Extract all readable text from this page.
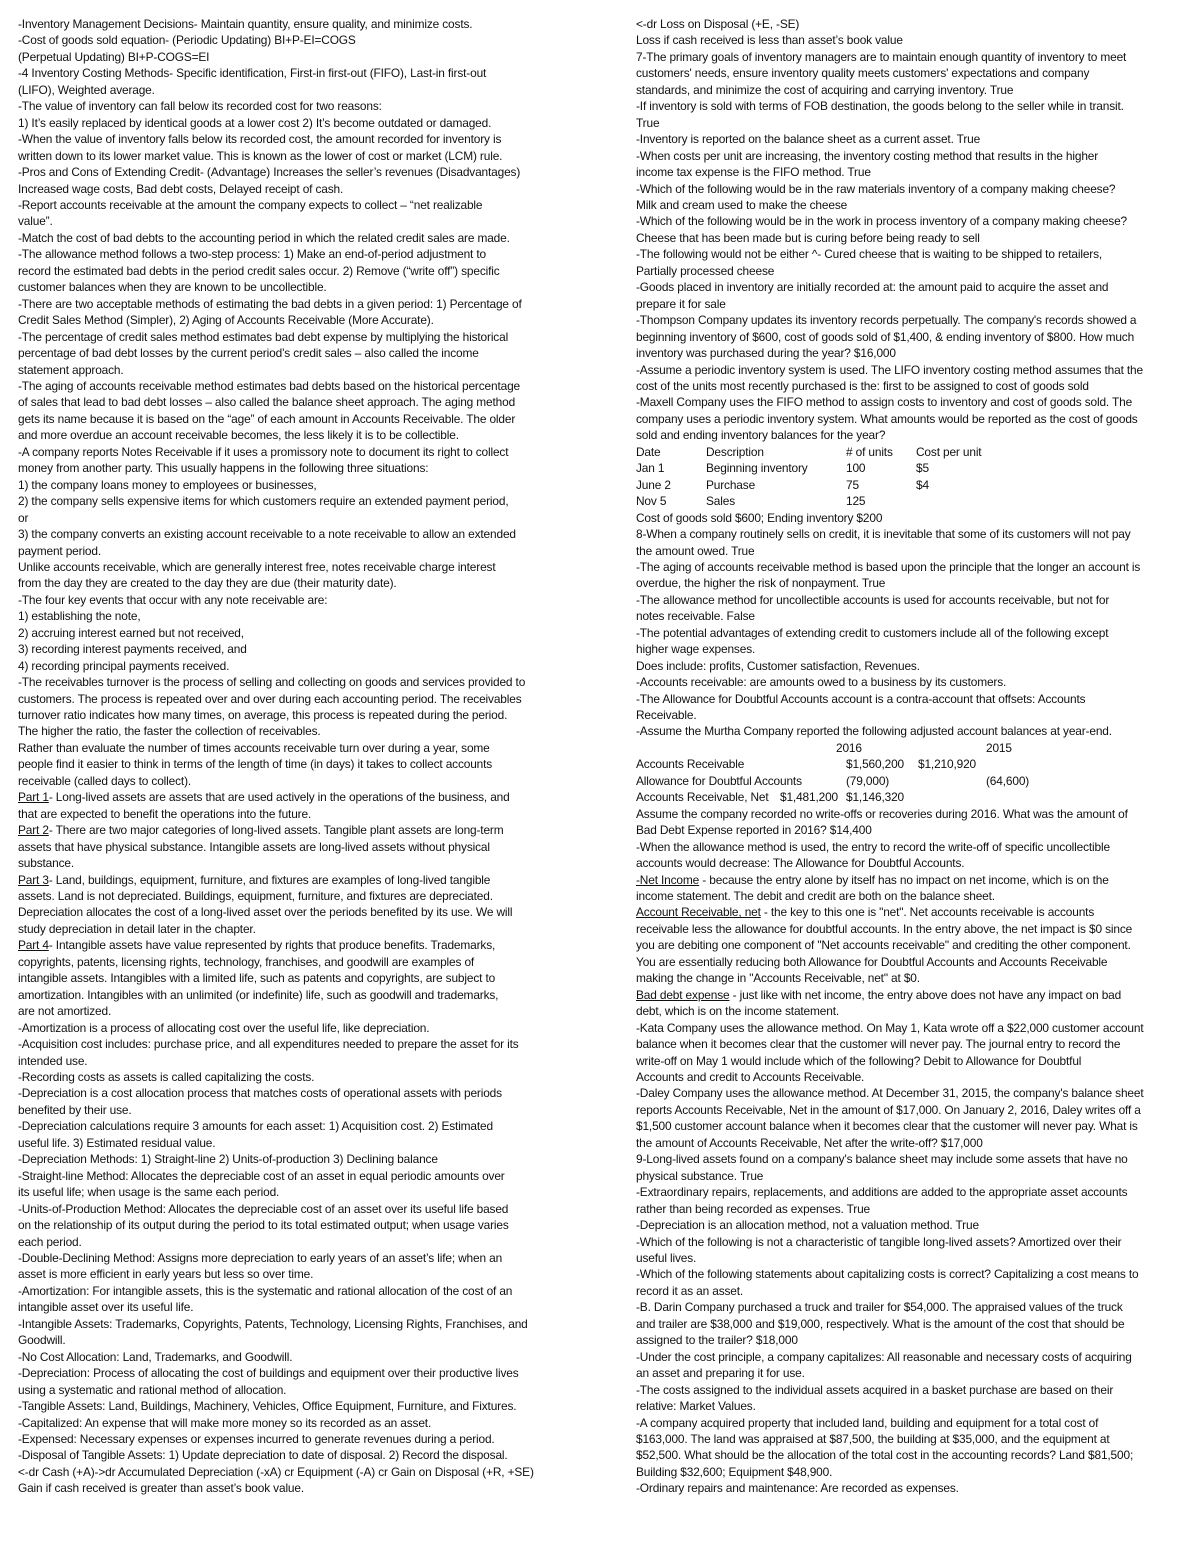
-Inventory Management Decisions- Maintain quantity, ensure quality, and minimize costs.
-Cost of goods sold equation- (Periodic Updating) BI+P-EI=COGS
(Perpetual Updating) BI+P-COGS=EI
-4 Inventory Costing Methods- Specific identification, First-in first-out (FIFO), Last-in first-out
(LIFO), Weighted average.
-The value of inventory can fall below its recorded cost for two reasons:
1) It’s easily replaced by identical goods at a lower cost 2) It’s become outdated or damaged.
-When the value of inventory falls below its recorded cost, the amount recorded for inventory is
written down to its lower market value. This is known as the lower of cost or market (LCM) rule.
-Pros and Cons of Extending Credit- (Advantage) Increases the seller’s revenues (Disadvantages)
Increased wage costs, Bad debt costs, Delayed receipt of cash.
-Report accounts receivable at the amount the company expects to collect – “net realizable
value”.
-Match the cost of bad debts to the accounting period in which the related credit sales are made.
-The allowance method follows a two-step process: 1) Make an end-of-period adjustment to
record the estimated bad debts in the period credit sales occur. 2) Remove (“write off”) specific
customer balances when they are known to be uncollectible.
-There are two acceptable methods of estimating the bad debts in a given period: 1) Percentage of
Credit Sales Method (Simpler), 2) Aging of Accounts Receivable (More Accurate).
-The percentage of credit sales method estimates bad debt expense by multiplying the historical
percentage of bad debt losses by the current period’s credit sales – also called the income
statement approach.
-The aging of accounts receivable method estimates bad debts based on the historical percentage
of sales that lead to bad debt losses – also called the balance sheet approach. The aging method
gets its name because it is based on the “age” of each amount in Accounts Receivable. The older
and more overdue an account receivable becomes, the less likely it is to be collectible.
-A company reports Notes Receivable if it uses a promissory note to document its right to collect
money from another party. This usually happens in the following three situations:
1) the company loans money to employees or businesses,
2) the company sells expensive items for which customers require an extended payment period,
or
3) the company converts an existing account receivable to a note receivable to allow an extended
payment period.
Unlike accounts receivable, which are generally interest free, notes receivable charge interest
from the day they are created to the day they are due (their maturity date).
-The four key events that occur with any note receivable are:
1) establishing the note,
2) accruing interest earned but not received,
3) recording interest payments received, and
4) recording principal payments received.
-The receivables turnover is the process of selling and collecting on goods and services provided to
customers. The process is repeated over and over during each accounting period. The receivables
turnover ratio indicates how many times, on average, this process is repeated during the period.
The higher the ratio, the faster the collection of receivables.
Rather than evaluate the number of times accounts receivable turn over during a year, some
people find it easier to think in terms of the length of time (in days) it takes to collect accounts
receivable (called days to collect).
Part 1- Long-lived assets are assets that are used actively in the operations of the business, and
that are expected to benefit the operations into the future.
Part 2- There are two major categories of long-lived assets. Tangible plant assets are long-term
assets that have physical substance. Intangible assets are long-lived assets without physical
substance.
Part 3- Land, buildings, equipment, furniture, and fixtures are examples of long-lived tangible
assets. Land is not depreciated. Buildings, equipment, furniture, and fixtures are depreciated.
Depreciation allocates the cost of a long-lived asset over the periods benefited by its use. We will
study depreciation in detail later in the chapter.
Part 4- Intangible assets have value represented by rights that produce benefits. Trademarks,
copyrights, patents, licensing rights, technology, franchises, and goodwill are examples of
intangible assets. Intangibles with a limited life, such as patents and copyrights, are subject to
amortization. Intangibles with an unlimited (or indefinite) life, such as goodwill and trademarks,
are not amortized.
-Amortization is a process of allocating cost over the useful life, like depreciation.
-Acquisition cost includes: purchase price, and all expenditures needed to prepare the asset for its
intended use.
-Recording costs as assets is called capitalizing the costs.
-Depreciation is a cost allocation process that matches costs of operational assets with periods
benefited by their use.
-Depreciation calculations require 3 amounts for each asset: 1) Acquisition cost. 2) Estimated
useful life. 3) Estimated residual value.
-Depreciation Methods: 1) Straight-line 2) Units-of-production 3) Declining balance
-Straight-line Method: Allocates the depreciable cost of an asset in equal periodic amounts over
its useful life; when usage is the same each period.
-Units-of-Production Method: Allocates the depreciable cost of an asset over its useful life based
on the relationship of its output during the period to its total estimated output; when usage varies
each period.
-Double-Declining Method: Assigns more depreciation to early years of an asset’s life; when an
asset is more efficient in early years but less so over time.
-Amortization: For intangible assets, this is the systematic and rational allocation of the cost of an
intangible asset over its useful life.
-Intangible Assets: Trademarks, Copyrights, Patents, Technology, Licensing Rights, Franchises, and
Goodwill.
-No Cost Allocation: Land, Trademarks, and Goodwill.
-Depreciation: Process of allocating the cost of buildings and equipment over their productive lives
using a systematic and rational method of allocation.
-Tangible Assets: Land, Buildings, Machinery, Vehicles, Office Equipment, Furniture, and Fixtures.
-Capitalized: An expense that will make more money so its recorded as an asset.
-Expensed: Necessary expenses or expenses incurred to generate revenues during a period.
-Disposal of Tangible Assets: 1) Update depreciation to date of disposal. 2) Record the disposal.
<-dr Cash (+A)->dr Accumulated Depreciation (-xA) cr Equipment (-A) cr Gain on Disposal (+R, +SE)
Gain if cash received is greater than asset’s book value.
<-dr Loss on Disposal (+E, -SE)
Loss if cash received is less than asset’s book value
7-The primary goals of inventory managers are to maintain enough quantity of inventory to meet
customers' needs, ensure inventory quality meets customers' expectations and company
standards, and minimize the cost of acquiring and carrying inventory. True
-If inventory is sold with terms of FOB destination, the goods belong to the seller while in transit.
True
-Inventory is reported on the balance sheet as a current asset. True
-When costs per unit are increasing, the inventory costing method that results in the higher
income tax expense is the FIFO method. True
-Which of the following would be in the raw materials inventory of a company making cheese?
Milk and cream used to make the cheese
-Which of the following would be in the work in process inventory of a company making cheese?
Cheese that has been made but is curing before being ready to sell
-The following would not be either ^- Cured cheese that is waiting to be shipped to retailers,
Partially processed cheese
-Goods placed in inventory are initially recorded at: the amount paid to acquire the asset and
prepare it for sale
-Thompson Company updates its inventory records perpetually. The company's records showed a
beginning inventory of $600, cost of goods sold of $1,400, & ending inventory of $800. How much
inventory was purchased during the year? $16,000
-Assume a periodic inventory system is used. The LIFO inventory costing method assumes that the
cost of the units most recently purchased is the: first to be assigned to cost of goods sold
-Maxell Company uses the FIFO method to assign costs to inventory and cost of goods sold. The
company uses a periodic inventory system. What amounts would be reported as the cost of goods
sold and ending inventory balances for the year?
Date	Description	# of units	Cost per unit
Jan 1	Beginning inventory	100	$5
June 2	Purchase	75	$4
Nov 5	Sales	125
Cost of goods sold $600; Ending inventory $200
8-When a company routinely sells on credit, it is inevitable that some of its customers will not pay
the amount owed. True
-The aging of accounts receivable method is based upon the principle that the longer an account is
overdue, the higher the risk of nonpayment. True
-The allowance method for uncollectible accounts is used for accounts receivable, but not for
notes receivable. False
-The potential advantages of extending credit to customers include all of the following except
higher wage expenses.
Does include: profits, Customer satisfaction, Revenues.
-Accounts receivable: are amounts owed to a business by its customers.
-The Allowance for Doubtful Accounts account is a contra-account that offsets: Accounts
Receivable.
-Assume the Murtha Company reported the following adjusted account balances at year-end.
2016	2015
Accounts Receivable	$1,560,200	$1,210,920
Allowance for Doubtful Accounts	(79,000)	(64,600)
Accounts Receivable, Net $1,481,200 $1,146,320
Assume the company recorded no write-offs or recoveries during 2016. What was the amount of
Bad Debt Expense reported in 2016? $14,400
-When the allowance method is used, the entry to record the write-off of specific uncollectible
accounts would decrease: The Allowance for Doubtful Accounts.
-Net Income - because the entry alone by itself has no impact on net income, which is on the
income statement. The debit and credit are both on the balance sheet.
Account Receivable, net - the key to this one is "net". Net accounts receivable is accounts
receivable less the allowance for doubtful accounts. In the entry above, the net impact is $0 since
you are debiting one component of "Net accounts receivable" and crediting the other component.
You are essentially reducing both Allowance for Doubtful Accounts and Accounts Receivable
making the change in "Accounts Receivable, net" at $0.
Bad debt expense - just like with net income, the entry above does not have any impact on bad
debt, which is on the income statement.
-Kata Company uses the allowance method. On May 1, Kata wrote off a $22,000 customer account
balance when it becomes clear that the customer will never pay. The journal entry to record the
write-off on May 1 would include which of the following? Debit to Allowance for Doubtful
Accounts and credit to Accounts Receivable.
-Daley Company uses the allowance method. At December 31, 2015, the company's balance sheet
reports Accounts Receivable, Net in the amount of $17,000. On January 2, 2016, Daley writes off a
$1,500 customer account balance when it becomes clear that the customer will never pay. What is
the amount of Accounts Receivable, Net after the write-off? $17,000
9-Long-lived assets found on a company's balance sheet may include some assets that have no
physical substance. True
-Extraordinary repairs, replacements, and additions are added to the appropriate asset accounts
rather than being recorded as expenses. True
-Depreciation is an allocation method, not a valuation method. True
-Which of the following is not a characteristic of tangible long-lived assets? Amortized over their
useful lives.
-Which of the following statements about capitalizing costs is correct? Capitalizing a cost means to
record it as an asset.
-B. Darin Company purchased a truck and trailer for $54,000. The appraised values of the truck
and trailer are $38,000 and $19,000, respectively. What is the amount of the cost that should be
assigned to the trailer? $18,000
-Under the cost principle, a company capitalizes: All reasonable and necessary costs of acquiring
an asset and preparing it for use.
-The costs assigned to the individual assets acquired in a basket purchase are based on their
relative: Market Values.
-A company acquired property that included land, building and equipment for a total cost of
$163,000. The land was appraised at $87,500, the building at $35,000, and the equipment at
$52,500. What should be the allocation of the total cost in the accounting records? Land $81,500;
Building $32,600; Equipment $48,900.
-Ordinary repairs and maintenance: Are recorded as expenses.
